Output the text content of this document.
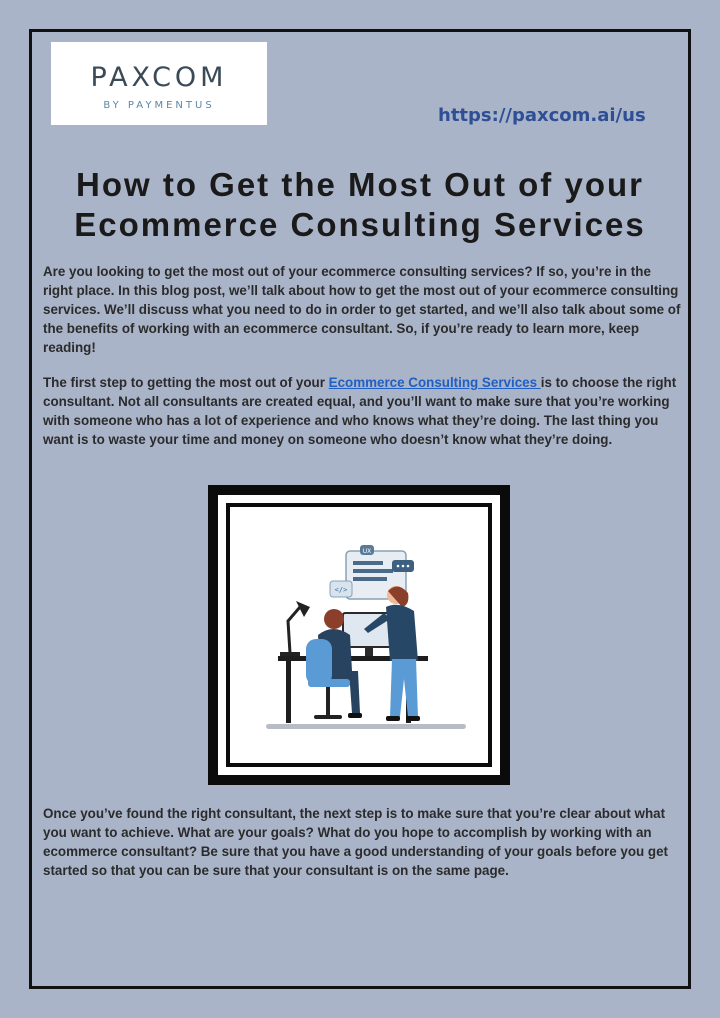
PAXCOM
BY PAYMENTUS	https://paxcom.ai/us
How to Get the Most Out of your Ecommerce Consulting Services

Are you looking to get the most out of your ecommerce consulting services? If so, you’re in the right place. In this blog post, we’ll talk about how to get the most out of your ecommerce consulting services. We’ll discuss what you need to do in order to get started, and we’ll also talk about some of the benefits of working with an ecommerce consultant. So, if you’re ready to learn more, keep reading!

The first step to getting the most out of your Ecommerce Consulting Services is to choose the right consultant. Not all consultants are created equal, and you’ll want to make sure that you’re working with someone who has a lot of experience and who knows what they’re doing. The last thing you want is to waste your time and money on someone who doesn’t know what they’re doing.

UX
</>

Once you’ve found the right consultant, the next step is to make sure that you’re clear about what you want to achieve. What are your goals? What do you hope to accomplish by working with an ecommerce consultant? Be sure that you have a good understanding of your goals before you get started so that you can be sure that your consultant is on the same page.
